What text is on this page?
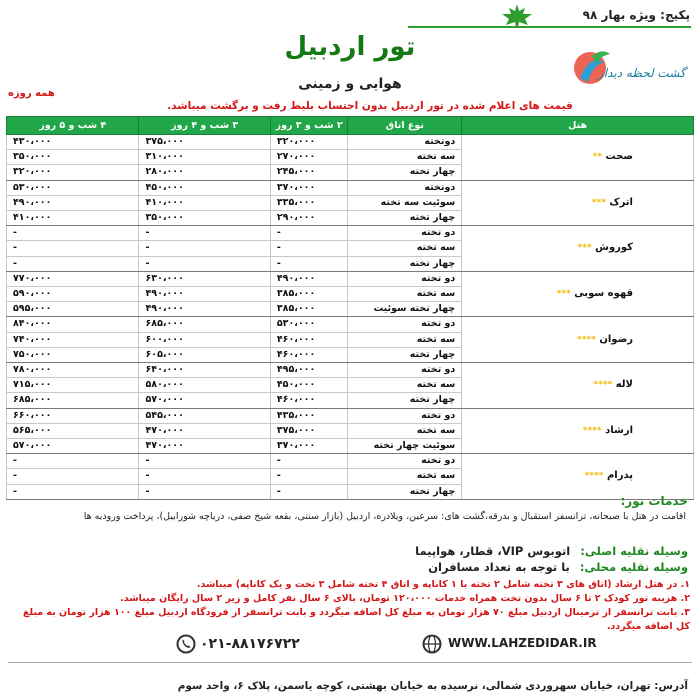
پکیج: ویژه بهار ۹۸
تور اردبیل
گشت لحظه دیدار
هوایی و زمینی
همه روزه
قیمت های اعلام شده در تور اردبیل بدون احتساب بلیط رفت و برگشت میباشد.
هتل	نوع اتاق	۲ شب و ۳ روز	۳ شب و ۴ روز	۴ شب و ۵ روز
صحت **	دوتخته	۳۲۰،۰۰۰	۳۷۵،۰۰۰	۴۳۰،۰۰۰
	سه تخته	۲۷۰،۰۰۰	۳۱۰،۰۰۰	۳۵۰،۰۰۰
	چهار تخته	۲۴۵،۰۰۰	۲۸۰،۰۰۰	۳۲۰،۰۰۰
اترک ***	دوتخته	۳۷۰،۰۰۰	۴۵۰،۰۰۰	۵۳۰،۰۰۰
	سوئیت سه تخته	۳۳۵،۰۰۰	۴۱۰،۰۰۰	۴۹۰،۰۰۰
	چهار تخته	۲۹۰،۰۰۰	۳۵۰،۰۰۰	۴۱۰،۰۰۰
کوروش ***	دو تخته	-	-	-
	سه تخته	-	-	-
	چهار تخته	-	-	-
قهوه سوبی ***	دو تخته	۴۹۰،۰۰۰	۶۳۰،۰۰۰	۷۷۰،۰۰۰
	سه تخته	۳۸۵،۰۰۰	۴۹۰،۰۰۰	۵۹۰،۰۰۰
	چهار تخته سوئیت	۳۸۵،۰۰۰	۴۹۰،۰۰۰	۵۹۵،۰۰۰
رضوان ****	دو تخته	۵۳۰،۰۰۰	۶۸۵،۰۰۰	۸۴۰،۰۰۰
	سه تخته	۴۶۰،۰۰۰	۶۰۰،۰۰۰	۷۴۰،۰۰۰
	چهار تخته	۴۶۰،۰۰۰	۶۰۵،۰۰۰	۷۵۰،۰۰۰
لاله ****	دو تخته	۴۹۵،۰۰۰	۶۴۰،۰۰۰	۷۸۰،۰۰۰
	سه تخته	۴۵۰،۰۰۰	۵۸۰،۰۰۰	۷۱۵،۰۰۰
	چهار تخته	۴۶۰،۰۰۰	۵۷۰،۰۰۰	۶۸۵،۰۰۰
ارشاد ****	دو تخته	۴۳۵،۰۰۰	۵۴۵،۰۰۰	۶۶۰،۰۰۰
	سه تخته	۳۷۵،۰۰۰	۴۷۰،۰۰۰	۵۶۵،۰۰۰
	سوئیت چهار تخته	۳۷۰،۰۰۰	۴۷۰،۰۰۰	۵۷۰،۰۰۰
پدرام ****	دو تخته	-	-	-
	سه تخته	-	-	-
	چهار تخته	-	-	-
خدمات تور:
اقامت در هتل با صبحانه، ترانسفر استقبال و بدرقه،گشت های: سرعین، ویلادره، اردبیل (بازار سنتی، بقعه شیخ صفی، دریاچه شورابیل)، پرداخت ورودیه ها
وسیله نقلیه اصلی: اتوبوس VIP، قطار، هواپیما
وسیله نقلیه محلی: با توجه به تعداد مسافران
۱. در هتل ارشاد (اتاق های ۳ تخته شامل ۲ تخته با ۱ کاناپه و اتاق ۴ تخته شامل ۳ تخت و یک کاناپه) میباشد.
۲. هزینه تور کودک ۲ تا ۶ سال بدون تخت همراه خدمات ۱۲۰،۰۰۰ تومان، بالای ۶ سال نفر کامل و زیر ۲ سال رایگان میباشد.
۳. بابت ترانسفر از ترمینال اردبیل مبلغ ۷۰ هزار تومان به مبلغ کل اضافه میگردد و بابت ترانسفر از فرودگاه اردبیل مبلغ ۱۰۰ هزار تومان به مبلغ کل اضافه میگردد.
۰۲۱-۸۸۱۷۶۷۲۲	WWW.LAHZEDIDAR.IR
آدرس: تهران، خیابان سهروردی شمالی، نرسیده به خیابان بهشتی، کوچه یاسمن، پلاک ۶، واحد سوم
